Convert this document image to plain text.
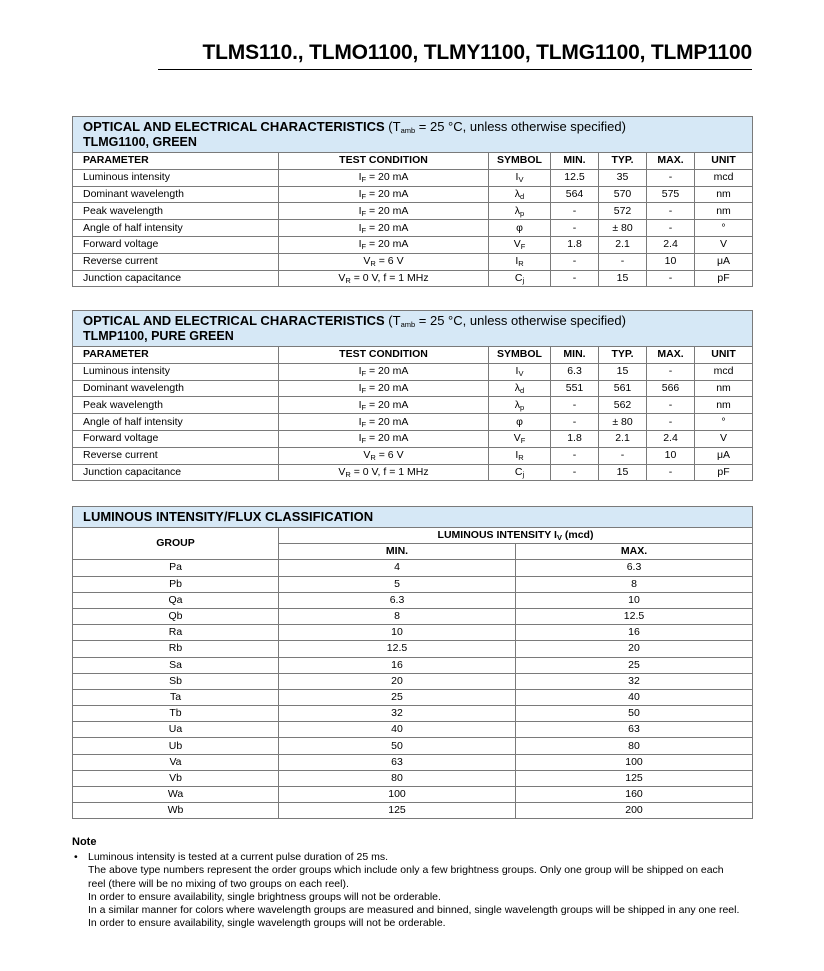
TLMS110., TLMO1100, TLMY1100, TLMG1100, TLMP1100
OPTICAL AND ELECTRICAL CHARACTERISTICS ($T_{amb} = 25$ °C, unless otherwise specified)
TLMG1100, GREEN						

PARAMETER	TEST CONDITION	SYMBOL	MIN.	TYP.	MAX.	UNIT
Luminous intensity	$I_F = 20$ mA	$I_V$	12.5	35	-	mcd
Dominant wavelength	$I_F = 20$ mA	$\lambda_d$	564	570	575	nm
Peak wavelength	$I_F = 20$ mA	$\lambda_p$	-	572	-	nm
Angle of half intensity	$I_F = 20$ mA	φ	-	± 80	-	°
Forward voltage	$I_F = 20$ mA	$V_F$	1.8	2.1	2.4	V
Reverse current	$V_R = 6$ V	$I_R$	-	-	10	μA
Junction capacitance	$V_R = 0$ V, f = 1 MHz	$C_j$	-	15	-	pF
OPTICAL AND ELECTRICAL CHARACTERISTICS ($T_{amb} = 25$ °C, unless otherwise specified)
TLMP1100, PURE GREEN						

PARAMETER	TEST CONDITION	SYMBOL	MIN.	TYP.	MAX.	UNIT
Luminous intensity	$I_F = 20$ mA	$I_V$	6.3	15	-	mcd
Dominant wavelength	$I_F = 20$ mA	$\lambda_d$	551	561	566	nm
Peak wavelength	$I_F = 20$ mA	$\lambda_p$	-	562	-	nm
Angle of half intensity	$I_F = 20$ mA	φ	-	± 80	-	°
Forward voltage	$I_F = 20$ mA	$V_F$	1.8	2.1	2.4	V
Reverse current	$V_R = 6$ V	$I_R$	-	-	10	μA
Junction capacitance	$V_R = 0$ V, f = 1 MHz	$C_j$	-	15	-	pF
LUMINOUS INTENSITY/FLUX CLASSIFICATION		

GROUP	LUMINOUS INTENSITY $I_V$ (mcd)	
	MIN.	MAX.
Pa	4	6.3
Pb	5	8
Qa	6.3	10
Qb	8	12.5
Ra	10	16
Rb	12.5	20
Sa	16	25
Sb	20	32
Ta	25	40
Tb	32	50
Ua	40	63
Ub	50	80
Va	63	100
Vb	80	125
Wa	100	160
Wb	125	200
Note
• Luminous intensity is tested at a current pulse duration of 25 ms.

The above type numbers represent the order groups which include only a few brightness groups. Only one group will be shipped on each

reel (there will be no mixing of two groups on each reel).

In order to ensure availability, single brightness groups will not be orderable.

In a similar manner for colors where wavelength groups are measured and binned, single wavelength groups will be shipped in any one reel.

In order to ensure availability, single wavelength groups will not be orderable.
